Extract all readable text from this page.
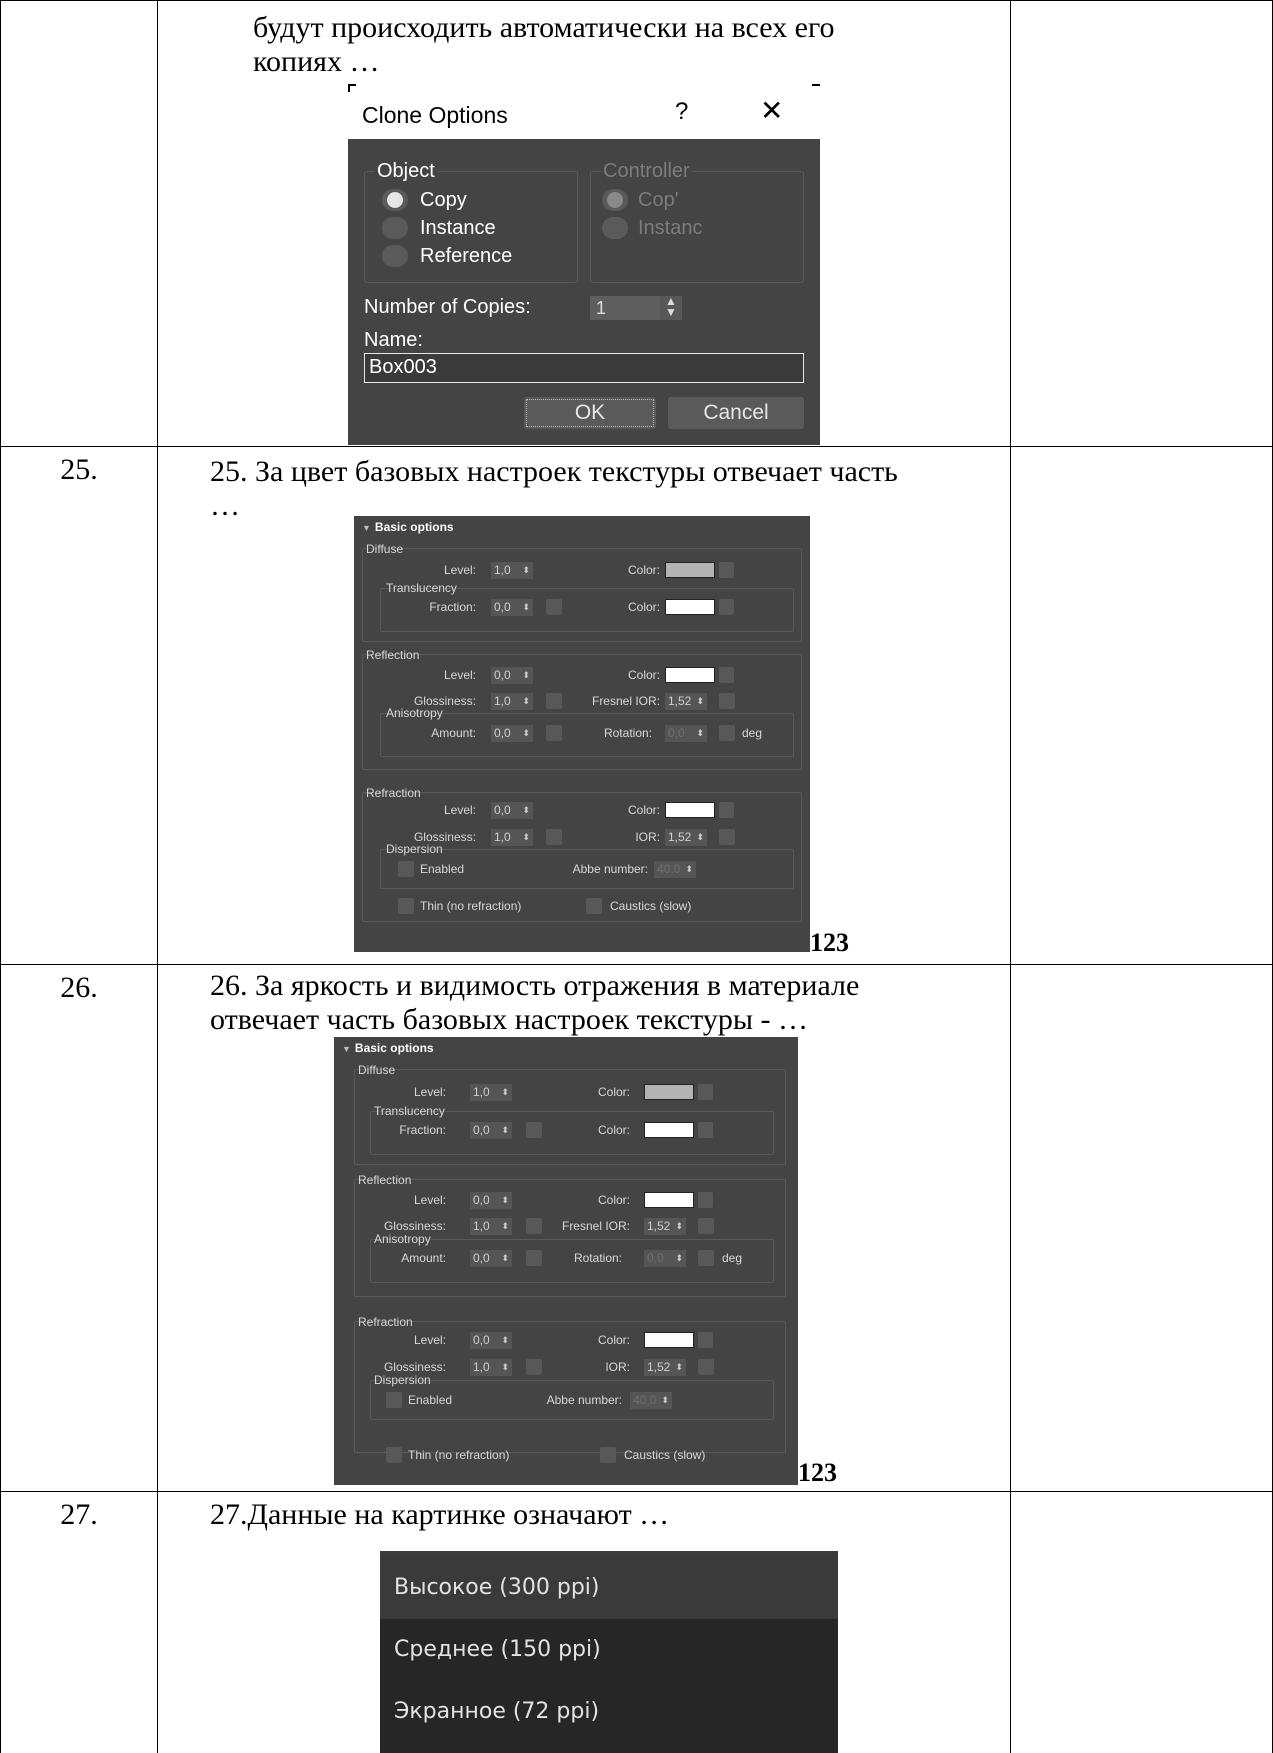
	будут происходить автоматически на всех его
копиях …	

25.	25. За цвет базовых настроек текстуры отвечает часть
…	

26.	26. За яркость и видимость отражения в материале
отвечает часть базовых настроек текстуры - …	

27.	27.Данные на картинке означают …	

Clone Options	?	✕
Object
Copy
Instance
Reference
Controller
Cop'
Instanc
Number of Copies:	1	▲
▼
Name:
Box003
OK	Cancel
▼ Basic options
Diffuse
Level: 1,0 ⬍	Color:
Translucency
Fraction: 0,0 ⬍	Color:
Reflection
Level: 0,0 ⬍	Color:
Glossiness: 1,0 ⬍	Fresnel IOR: 1,52 ⬍
Anisotropy
Amount: 0,0 ⬍	Rotation: 0,0 ⬍	deg
Refraction
Level: 0,0 ⬍	Color:
Glossiness: 1,0 ⬍	IOR: 1,52 ⬍
Dispersion
Enabled	Abbe number: 40,0 ⬍
Thin (no refraction)	Caustics (slow)
123
▼ Basic options
Diffuse
Level: 1,0 ⬍	Color:
Translucency
Fraction: 0,0 ⬍	Color:
Reflection
Level: 0,0 ⬍	Color:
Glossiness: 1,0 ⬍	Fresnel IOR: 1,52 ⬍
Anisotropy
Amount: 0,0 ⬍	Rotation: 0,0 ⬍	deg
Refraction
Level: 0,0 ⬍	Color:
Glossiness: 1,0 ⬍	IOR: 1,52 ⬍
Dispersion
Enabled	Abbe number: 40,0 ⬍
Thin (no refraction)	Caustics (slow)
123
Высокое (300 ppi)
Среднее (150 ppi)
Экранное (72 ppi)
